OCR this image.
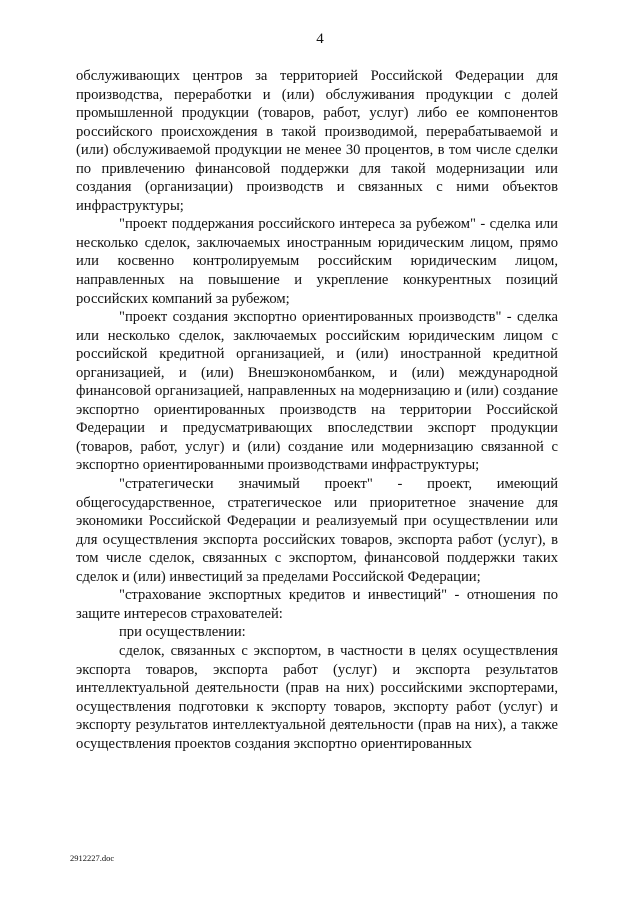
4

обслуживающих центров за территорией Российской Федерации для производства, переработки и (или) обслуживания продукции с долей промышленной продукции (товаров, работ, услуг) либо ее компонентов российского происхождения в такой производимой, перерабатываемой и (или) обслуживаемой продукции не менее 30 процентов, в том числе сделки по привлечению финансовой поддержки для такой модернизации или создания (организации) производств и связанных с ними объектов инфраструктуры;

"проект поддержания российского интереса за рубежом" - сделка или несколько сделок, заключаемых иностранным юридическим лицом, прямо или косвенно контролируемым российским юридическим лицом, направленных на повышение и укрепление конкурентных позиций российских компаний за рубежом;

"проект создания экспортно ориентированных производств" - сделка или несколько сделок, заключаемых российским юридическим лицом с российской кредитной организацией, и (или) иностранной кредитной организацией, и (или) Внешэкономбанком, и (или) международной финансовой организацией, направленных на модернизацию и (или) создание экспортно ориентированных производств на территории Российской Федерации и предусматривающих впоследствии экспорт продукции (товаров, работ, услуг) и (или) создание или модернизацию связанной с экспортно ориентированными производствами инфраструктуры;

"стратегически значимый проект" - проект, имеющий общегосударственное, стратегическое или приоритетное значение для экономики Российской Федерации и реализуемый при осуществлении или для осуществления экспорта российских товаров, экспорта работ (услуг), в том числе сделок, связанных с экспортом, финансовой поддержки таких сделок и (или) инвестиций за пределами Российской Федерации;

"страхование экспортных кредитов и инвестиций" - отношения по защите интересов страхователей:

при осуществлении:

сделок, связанных с экспортом, в частности в целях осуществления экспорта товаров, экспорта работ (услуг) и экспорта результатов интеллектуальной деятельности (прав на них) российскими экспортерами, осуществления подготовки к экспорту товаров, экспорту работ (услуг) и экспорту результатов интеллектуальной деятельности (прав на них), а также осуществления проектов создания экспортно ориентированных

2912227.doc
